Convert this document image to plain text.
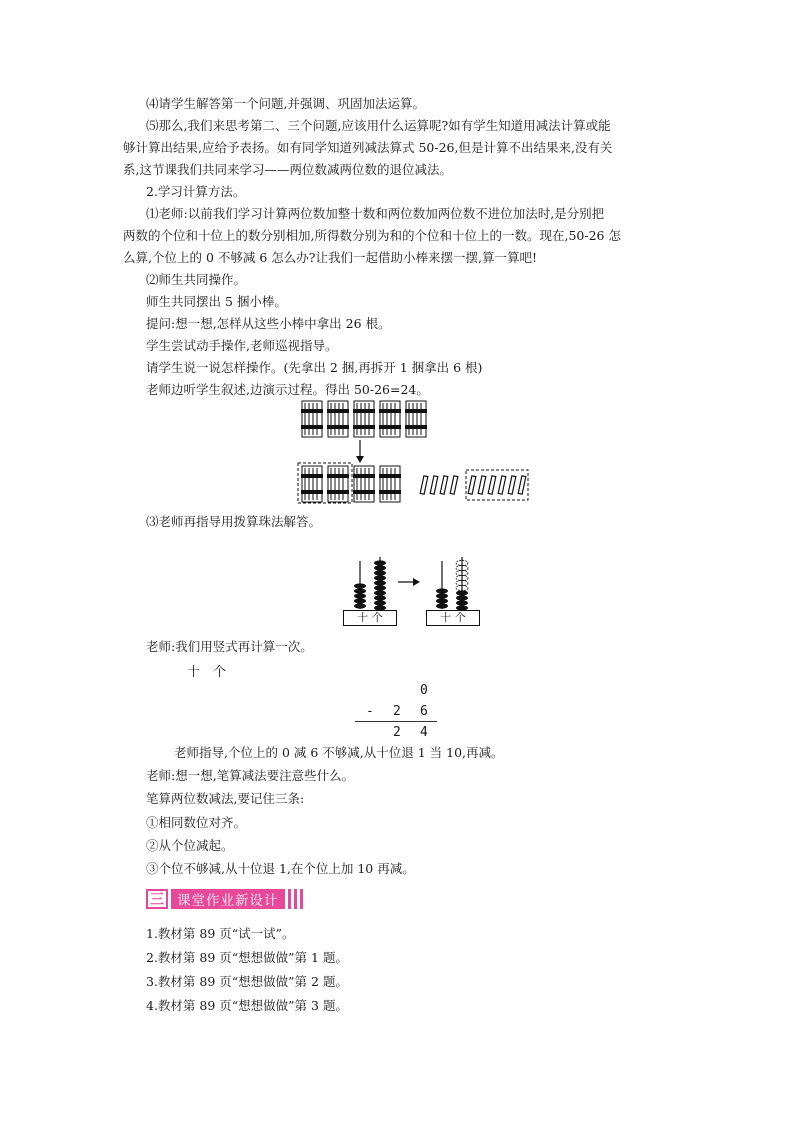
⑷请学生解答第一个问题,并强调、巩固加法运算。
⑸那么,我们来思考第二、三个问题,应该用什么运算呢?如有学生知道用减法计算或能
够计算出结果,应给予表扬。如有同学知道列减法算式 50-26,但是计算不出结果来,没有关
系,这节课我们共同来学习——两位数减两位数的退位减法。
2.学习计算方法。
⑴老师:以前我们学习计算两位数加整十数和两位数加两位数不进位加法时,是分别把
两数的个位和十位上的数分别相加,所得数分别为和的个位和十位上的一数。现在,50-26 怎
么算,个位上的 0 不够减 6 怎么办?让我们一起借助小棒来摆一摆,算一算吧!
⑵师生共同操作。
师生共同摆出 5 捆小棒。
提问:想一想,怎样从这些小棒中拿出 26 根。
学生尝试动手操作,老师巡视指导。
请学生说一说怎样操作。(先拿出 2 捆,再拆开 1 捆拿出 6 根)
老师边听学生叙述,边演示过程。得出 50-26=24。
⑶老师再指导用拨算珠法解答。
十 个	十 个
老师:我们用竖式再计算一次。
十 个
0
- 2 6
2 4
老师指导,个位上的 0 减 6 不够减,从十位退 1 当 10,再减。
老师:想一想,笔算减法要注意些什么。
笔算两位数减法,要记住三条:
①相同数位对齐。
②从个位减起。
③个位不够减,从十位退 1,在个位上加 10 再减。
三 课堂作业新设计
1.教材第 89 页“试一试”。
2.教材第 89 页“想想做做”第 1 题。
3.教材第 89 页“想想做做”第 2 题。
4.教材第 89 页“想想做做”第 3 题。
